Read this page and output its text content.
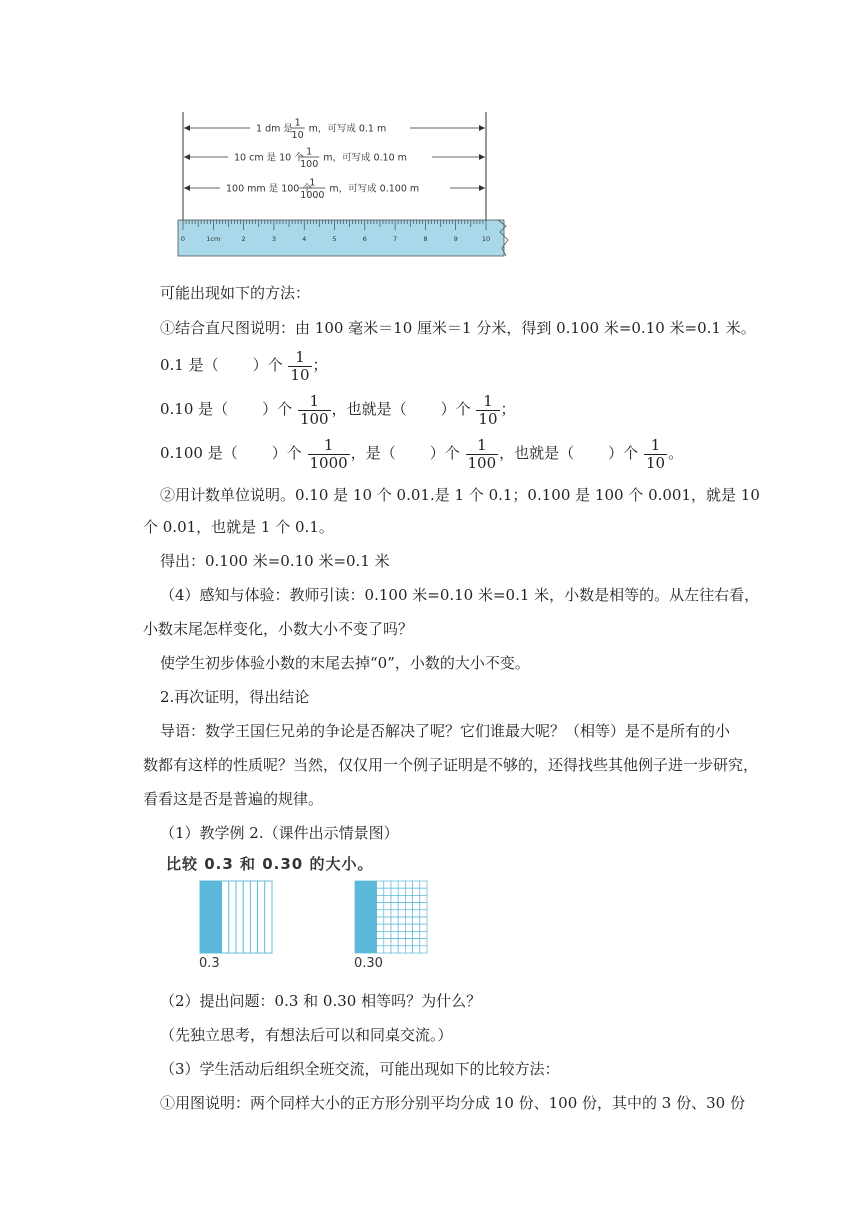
1 dm 是
1
10
m，可写成 0.1 m
10 cm 是 10 个
1
100
m，可写成 0.10 m
100 mm 是 100 个
1
1000
m，可写成 0.100 m
0	1cm	2	3	4	5	6	7	8	9	10
可能出现如下的方法：
①结合直尺图说明：由 100 毫米＝10 厘米＝1 分米，得到 0.100 米=0.10 米=0.1 米。
0.1 是（ ）个 $\frac{1}{10}$ ；
0.10 是（ ）个 $\frac{1}{100}$ ，也就是（ ）个 $\frac{1}{10}$ ；
0.100 是（ ）个 $\frac{1}{1000}$ ，是（ ）个 $\frac{1}{100}$ ，也就是（ ）个 $\frac{1}{10}$ 。
②用计数单位说明。0.10 是 10 个 0.01.是 1 个 0.1；0.100 是 100 个 0.001，就是 10
个 0.01，也就是 1 个 0.1。
得出：0.100 米=0.10 米=0.1 米
（4）感知与体验：教师引读：0.100 米=0.10 米=0.1 米，小数是相等的。从左往右看，
小数末尾怎样变化，小数大小不变了吗？
使学生初步体验小数的末尾去掉“0”，小数的大小不变。
2.再次证明，得出结论
导语：数学王国仨兄弟的争论是否解决了呢？它们谁最大呢？（相等）是不是所有的小
数都有这样的性质呢？当然，仅仅用一个例子证明是不够的，还得找些其他例子进一步研究，
看看这是否是普遍的规律。
（1）教学例 2.（课件出示情景图）
比较 0.3 和 0.30 的大小。
0.3	0.30
（2）提出问题：0.3 和 0.30 相等吗？为什么？
（先独立思考，有想法后可以和同桌交流。）
（3）学生活动后组织全班交流，可能出现如下的比较方法：
①用图说明：两个同样大小的正方形分别平均分成 10 份、100 份，其中的 3 份、30 份
